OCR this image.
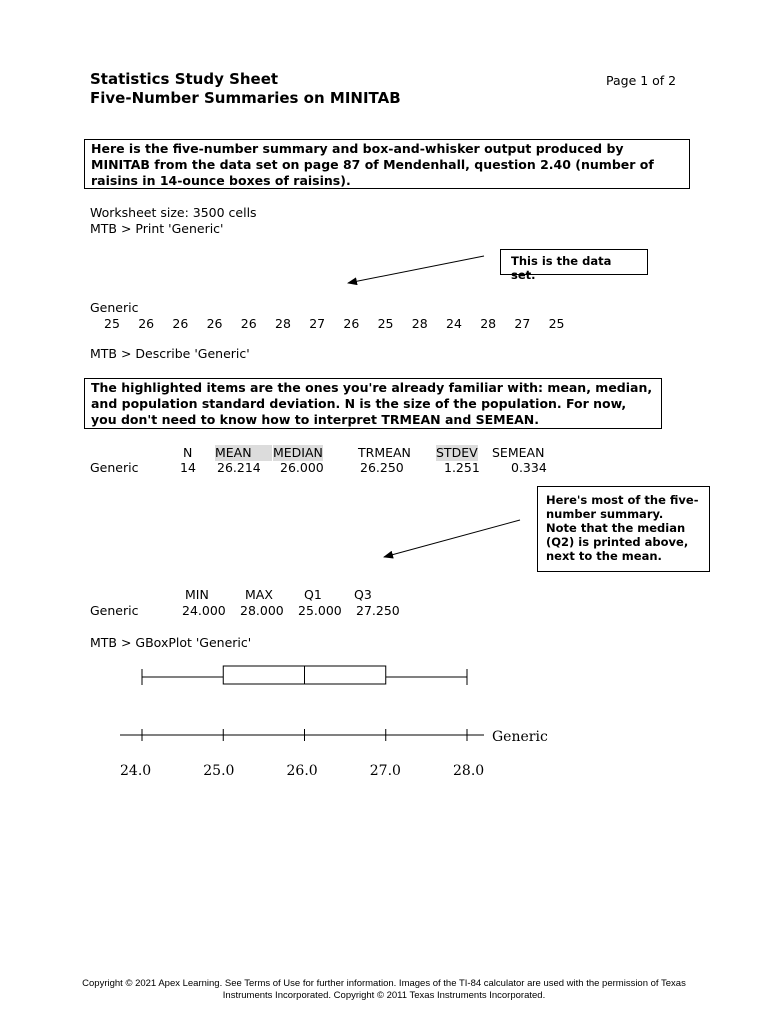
Statistics Study Sheet
Five-Number Summaries on MINITAB
Page 1 of 2
Here is the five-number summary and box-and-whisker output produced by MINITAB from the data set on page 87 of Mendenhall, question 2.40 (number of raisins in 14-ounce boxes of raisins).
Worksheet size: 3500 cells
MTB > Print 'Generic'
This is the data set.
Generic
25 26 26 26 26 28 27 26 25 28 24 28 27 25
MTB > Describe 'Generic'
The highlighted items are the ones you're already familiar with: mean, median, and population standard deviation. N is the size of the population. For now, you don't need to know how to interpret TRMEAN and SEMEAN.
N MEAN	MEDIAN	TRMEAN STDEV SEMEAN
Generic	14 26.214 26.000	26.250	1.251 0.334
Here's most of the five-number summary.
Note that the median (Q2) is printed above, next to the mean.
MIN	MAX Q1	Q3
Generic	24.000 28.000 25.000 27.250
MTB > GBoxPlot 'Generic'
24.0	25.0	26.0	27.0	28.0
Generic
Copyright © 2021 Apex Learning. See Terms of Use for further information. Images of the TI-84 calculator are used with the permission of Texas Instruments Incorporated. Copyright © 2011 Texas Instruments Incorporated.
